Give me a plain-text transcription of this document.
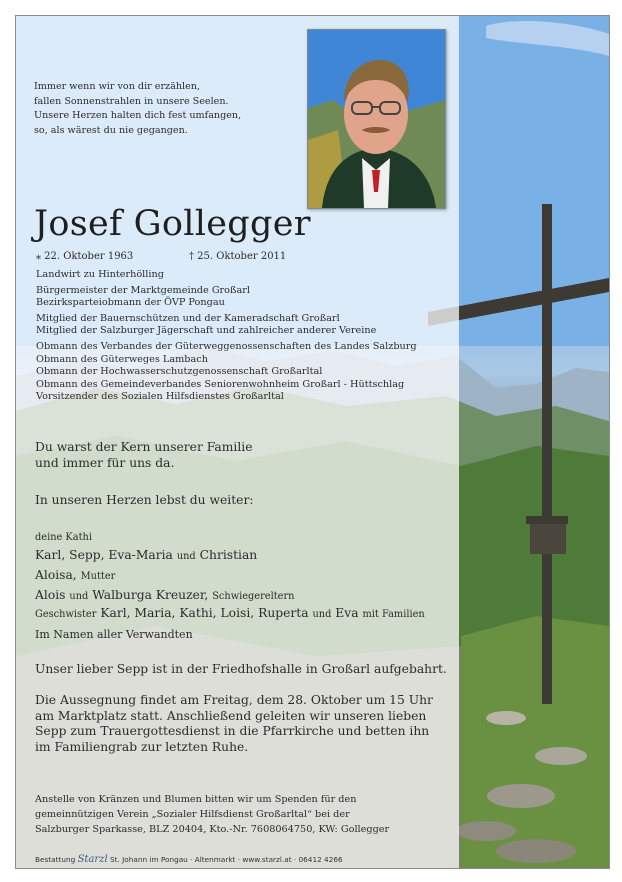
Immer wenn wir von dir erzählen,
fallen Sonnenstrahlen in unsere Seelen.
Unsere Herzen halten dich fest umfangen,
so, als wärest du nie gegangen.
Josef Gollegger
⁎ 22. Oktober 1963	† 25. Oktober 2011
Landwirt zu Hinterhölling
Bürgermeister der Marktgemeinde Großarl
Bezirksparteiobmann der ÖVP Pongau
Mitglied der Bauernschützen und der Kameradschaft Großarl
Mitglied der Salzburger Jägerschaft und zahlreicher anderer Vereine
Obmann des Verbandes der Güterweggenossenschaften des Landes Salzburg
Obmann des Güterweges Lambach
Obmann der Hochwasserschutzgenossenschaft Großarltal
Obmann des Gemeindeverbandes Seniorenwohnheim Großarl - Hüttschlag
Vorsitzender des Sozialen Hilfsdienstes Großarltal
Du warst der Kern unserer Familie
und immer für uns da.
In unseren Herzen lebst du weiter:
deine Kathi
Karl, Sepp, Eva-Maria und Christian
Aloisa, Mutter
Alois und Walburga Kreuzer, Schwiegereltern
Geschwister Karl, Maria, Kathi, Loisi, Ruperta und Eva mit Familien
Im Namen aller Verwandten
Unser lieber Sepp ist in der Friedhofshalle in Großarl aufgebahrt.
Die Aussegnung findet am Freitag, dem 28. Oktober um 15 Uhr
am Marktplatz statt. Anschließend geleiten wir unseren lieben
Sepp zum Trauergottesdienst in die Pfarrkirche und betten ihn
im Familiengrab zur letzten Ruhe.
Anstelle von Kränzen und Blumen bitten wir um Spenden für den
gemeinnützigen Verein „Sozialer Hilfsdienst Großarltal“ bei der
Salzburger Sparkasse, BLZ 20404, Kto.-Nr. 7608064750, KW: Gollegger
Bestattung Starzl St. Johann im Pongau · Altenmarkt · www.starzl.at · 06412 4266
